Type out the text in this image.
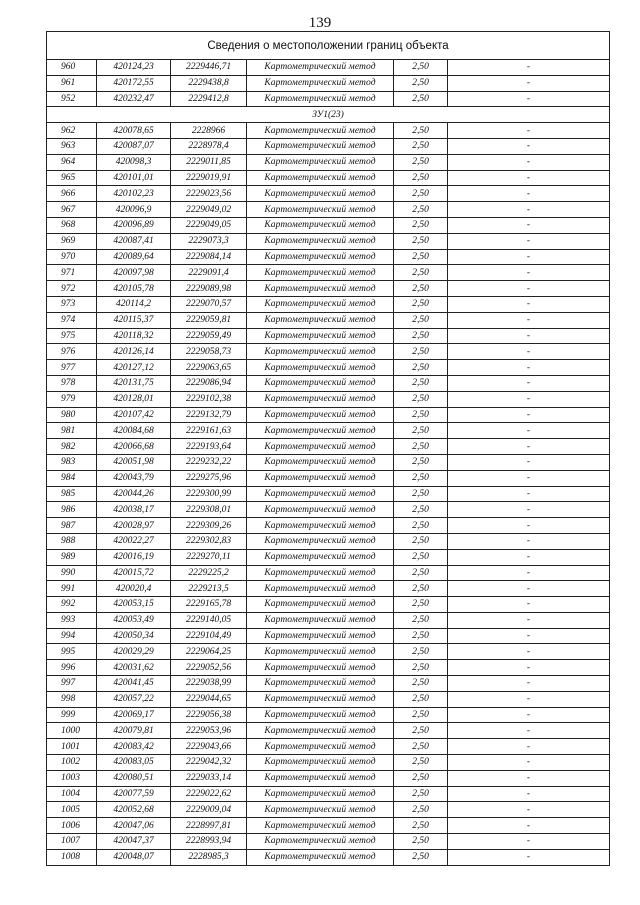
139
Сведения о местоположении границ объекта					
960	420124,23	2229446,71	Картометрический метод	2,50	-
961	420172,55	2229438,8	Картометрический метод	2,50	-
952	420232,47	2229412,8	Картометрический метод	2,50	-
ЗУ1(23)					
962	420078,65	2228966	Картометрический метод	2,50	-
963	420087,07	2228978,4	Картометрический метод	2,50	-
964	420098,3	2229011,85	Картометрический метод	2,50	-
965	420101,01	2229019,91	Картометрический метод	2,50	-
966	420102,23	2229023,56	Картометрический метод	2,50	-
967	420096,9	2229049,02	Картометрический метод	2,50	-
968	420096,89	2229049,05	Картометрический метод	2,50	-
969	420087,41	2229073,3	Картометрический метод	2,50	-
970	420089,64	2229084,14	Картометрический метод	2,50	-
971	420097,98	2229091,4	Картометрический метод	2,50	-
972	420105,78	2229089,98	Картометрический метод	2,50	-
973	420114,2	2229070,57	Картометрический метод	2,50	-
974	420115,37	2229059,81	Картометрический метод	2,50	-
975	420118,32	2229059,49	Картометрический метод	2,50	-
976	420126,14	2229058,73	Картометрический метод	2,50	-
977	420127,12	2229063,65	Картометрический метод	2,50	-
978	420131,75	2229086,94	Картометрический метод	2,50	-
979	420128,01	2229102,38	Картометрический метод	2,50	-
980	420107,42	2229132,79	Картометрический метод	2,50	-
981	420084,68	2229161,63	Картометрический метод	2,50	-
982	420066,68	2229193,64	Картометрический метод	2,50	-
983	420051,98	2229232,22	Картометрический метод	2,50	-
984	420043,79	2229275,96	Картометрический метод	2,50	-
985	420044,26	2229300,99	Картометрический метод	2,50	-
986	420038,17	2229308,01	Картометрический метод	2,50	-
987	420028,97	2229309,26	Картометрический метод	2,50	-
988	420022,27	2229302,83	Картометрический метод	2,50	-
989	420016,19	2229270,11	Картометрический метод	2,50	-
990	420015,72	2229225,2	Картометрический метод	2,50	-
991	420020,4	2229213,5	Картометрический метод	2,50	-
992	420053,15	2229165,78	Картометрический метод	2,50	-
993	420053,49	2229140,05	Картометрический метод	2,50	-
994	420050,34	2229104,49	Картометрический метод	2,50	-
995	420029,29	2229064,25	Картометрический метод	2,50	-
996	420031,62	2229052,56	Картометрический метод	2,50	-
997	420041,45	2229038,99	Картометрический метод	2,50	-
998	420057,22	2229044,65	Картометрический метод	2,50	-
999	420069,17	2229056,38	Картометрический метод	2,50	-
1000	420079,81	2229053,96	Картометрический метод	2,50	-
1001	420083,42	2229043,66	Картометрический метод	2,50	-
1002	420083,05	2229042,32	Картометрический метод	2,50	-
1003	420080,51	2229033,14	Картометрический метод	2,50	-
1004	420077,59	2229022,62	Картометрический метод	2,50	-
1005	420052,68	2229009,04	Картометрический метод	2,50	-
1006	420047,06	2228997,81	Картометрический метод	2,50	-
1007	420047,37	2228993,94	Картометрический метод	2,50	-
1008	420048,07	2228985,3	Картометрический метод	2,50	-
